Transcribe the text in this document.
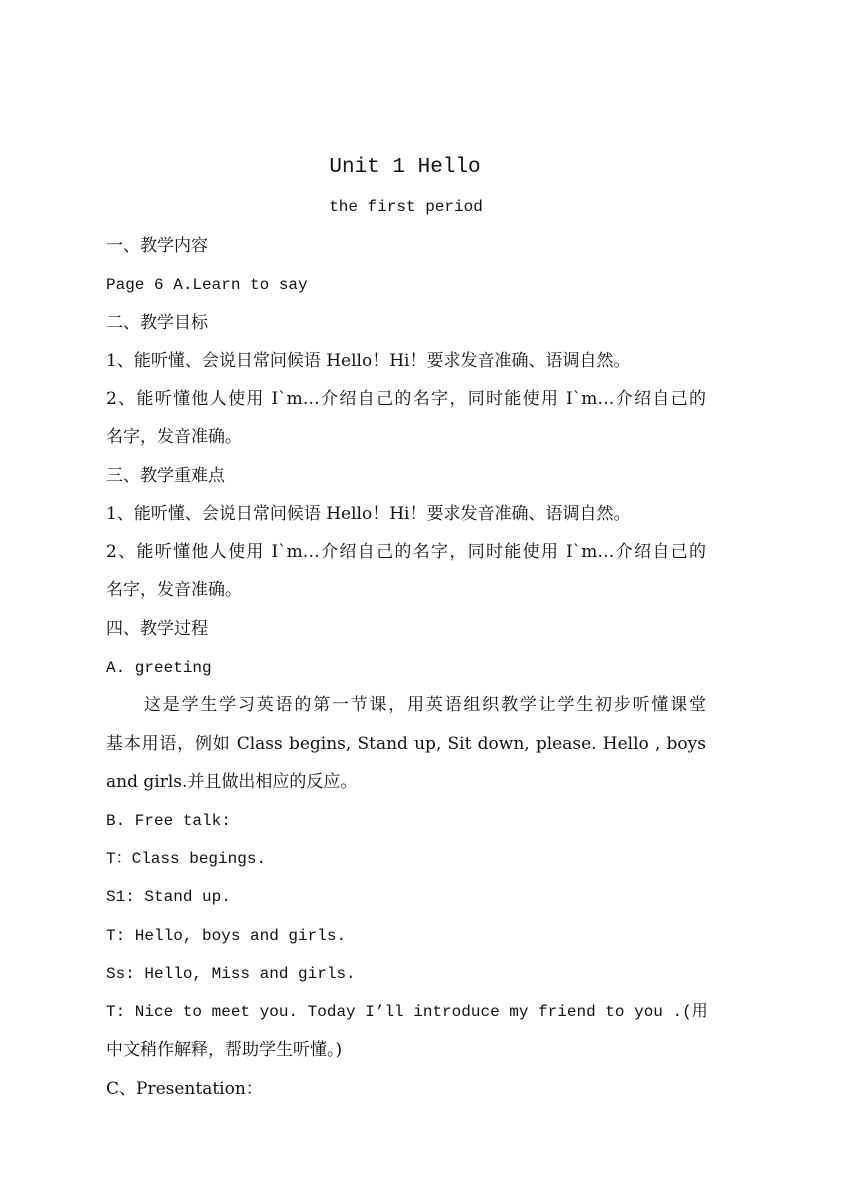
Unit 1 Hello
the first period
一、教学内容
Page 6 A.Learn to say
二、教学目标
1、能听懂、会说日常问候语 Hello！Hi！要求发音准确、语调自然。
2、能听懂他人使用 I`m…介绍自己的名字，同时能使用 I`m…介绍自己的
名字，发音准确。
三、教学重难点
1、能听懂、会说日常问候语 Hello！Hi！要求发音准确、语调自然。
2、能听懂他人使用 I`m…介绍自己的名字，同时能使用 I`m…介绍自己的
名字，发音准确。
四、教学过程
A. greeting
这是学生学习英语的第一节课，用英语组织教学让学生初步听懂课堂
基本用语，例如 Class begins, Stand up, Sit down, please. Hello , boys
and girls.并且做出相应的反应。
B. Free talk:
T：Class begings.
S1: Stand up.
T: Hello, boys and girls.
Ss: Hello, Miss and girls.
T: Nice to meet you. Today I’ll introduce my friend to you .(用
中文稍作解释，帮助学生听懂。)
C、Presentation：
